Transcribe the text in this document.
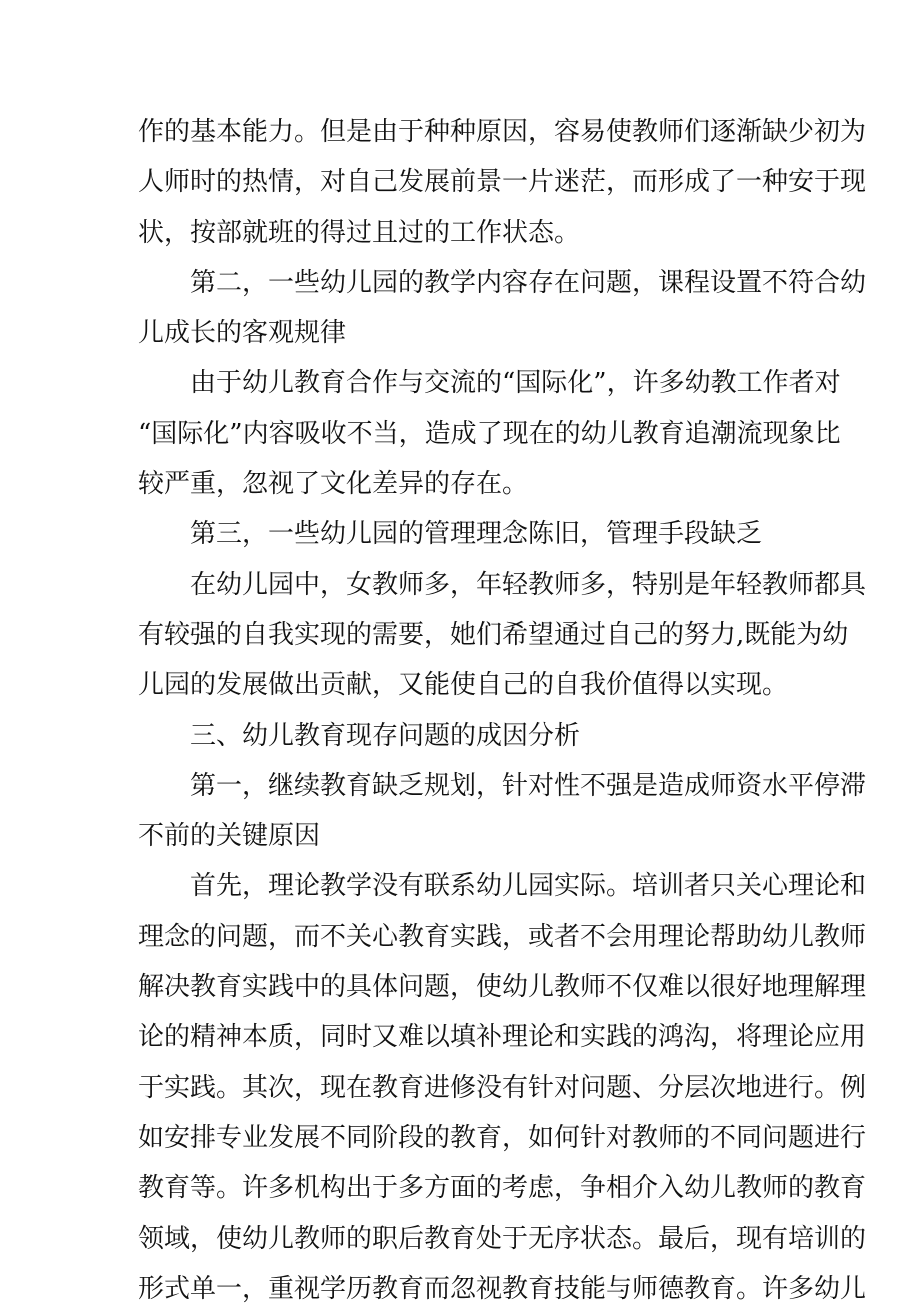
作的基本能力。但是由于种种原因，容易使教师们逐渐缺少初为
人师时的热情，对自己发展前景一片迷茫，而形成了一种安于现
状，按部就班的得过且过的工作状态。
第二，一些幼儿园的教学内容存在问题，课程设置不符合幼
儿成长的客观规律
由于幼儿教育合作与交流的“国际化”，许多幼教工作者对
“国际化”内容吸收不当，造成了现在的幼儿教育追潮流现象比
较严重，忽视了文化差异的存在。
第三，一些幼儿园的管理理念陈旧，管理手段缺乏
在幼儿园中，女教师多，年轻教师多，特别是年轻教师都具
有较强的自我实现的需要，她们希望通过自己的努力,既能为幼
儿园的发展做出贡献，又能使自己的自我价值得以实现。
三、幼儿教育现存问题的成因分析
第一，继续教育缺乏规划，针对性不强是造成师资水平停滞
不前的关键原因
首先，理论教学没有联系幼儿园实际。培训者只关心理论和
理念的问题，而不关心教育实践，或者不会用理论帮助幼儿教师
解决教育实践中的具体问题，使幼儿教师不仅难以很好地理解理
论的精神本质，同时又难以填补理论和实践的鸿沟，将理论应用
于实践。其次，现在教育进修没有针对问题、分层次地进行。例
如安排专业发展不同阶段的教育，如何针对教师的不同问题进行
教育等。许多机构出于多方面的考虑，争相介入幼儿教师的教育
领域，使幼儿教师的职后教育处于无序状态。最后，现有培训的
形式单一，重视学历教育而忽视教育技能与师德教育。许多幼儿
